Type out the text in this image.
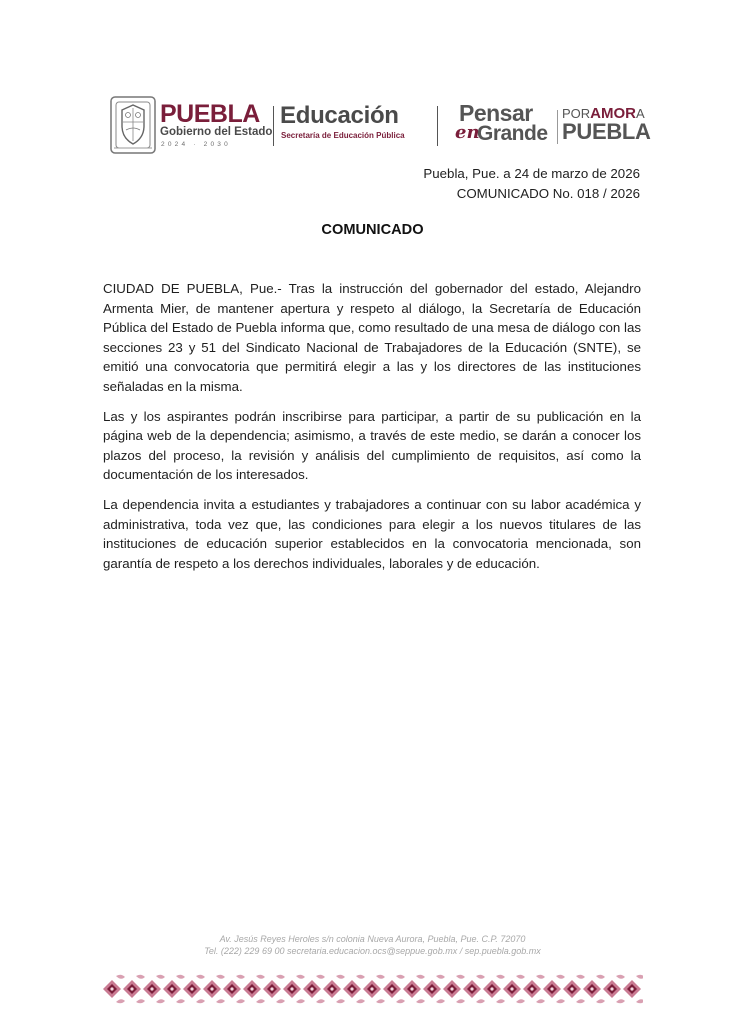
PUEBLA
Gobierno del Estado
2024 · 2030
Educación
Secretaría de Educación Pública
Pensar
en
Grande
PORAMORA
PUEBLA
Puebla, Pue. a 24 de marzo de 2026
COMUNICADO No. 018 / 2026
COMUNICADO

CIUDAD DE PUEBLA, Pue.- Tras la instrucción del gobernador del estado, Alejandro Armenta Mier, de mantener apertura y respeto al diálogo, la Secretaría de Educación Pública del Estado de Puebla informa que, como resultado de una mesa de diálogo con las secciones 23 y 51 del Sindicato Nacional de Trabajadores de la Educación (SNTE), se emitió una convocatoria que permitirá elegir a las y los directores de las instituciones señaladas en la misma.

Las y los aspirantes podrán inscribirse para participar, a partir de su publicación en la página web de la dependencia; asimismo, a través de este medio, se darán a conocer los plazos del proceso, la revisión y análisis del cumplimiento de requisitos, así como la documentación de los interesados.

La dependencia invita a estudiantes y trabajadores a continuar con su labor académica y administrativa, toda vez que, las condiciones para elegir a los nuevos titulares de las instituciones de educación superior establecidos en la convocatoria mencionada, son garantía de respeto a los derechos individuales, laborales y de educación.

Av. Jesús Reyes Heroles s/n colonia Nueva Aurora, Puebla, Pue. C.P. 72070
Tel. (222) 229 69 00 secretaria.educacion.ocs@seppue.gob.mx / sep.puebla.gob.mx
